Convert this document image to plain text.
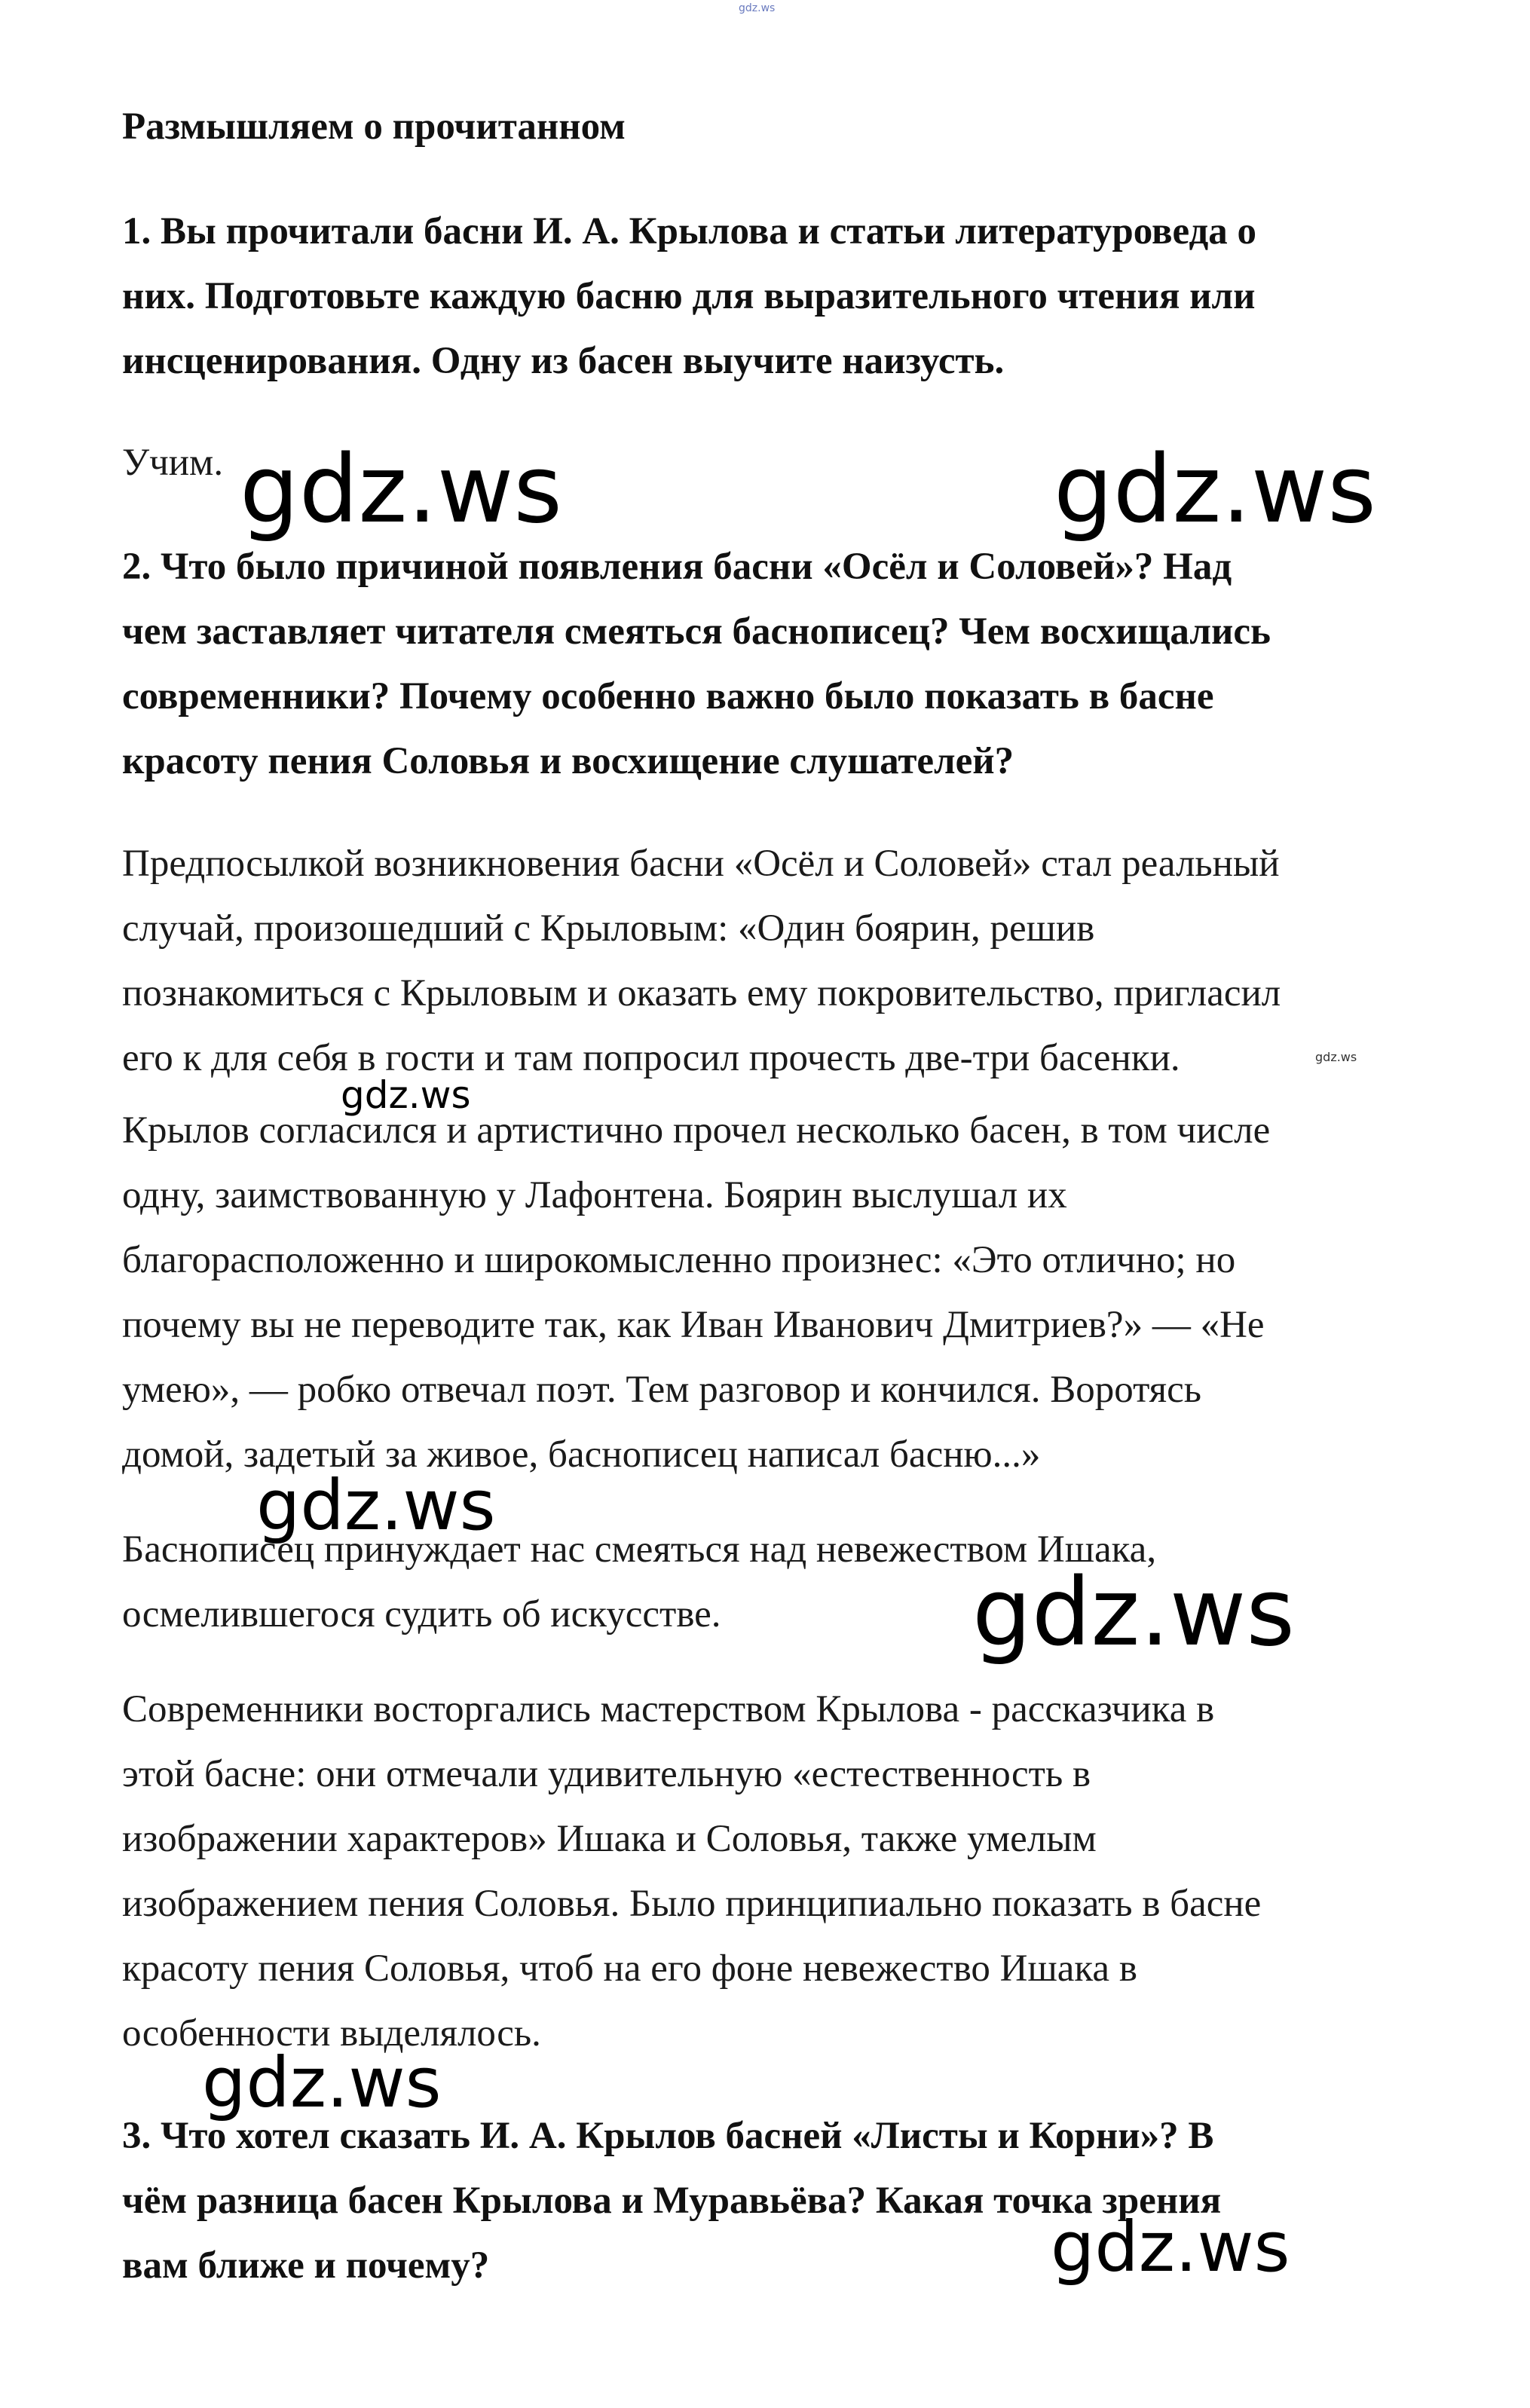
gdz.ws
Размышляем о прочитанном
1. Вы прочитали басни И. А. Крылова и статьи литературоведа о
них. Подготовьте каждую басню для выразительного чтения или
инсценирования. Одну из басен выучите наизусть.
Учим.
2. Что было причиной появления басни «Осёл и Соловей»? Над
чем заставляет читателя смеяться баснописец? Чем восхищались
современники? Почему особенно важно было показать в басне
красоту пения Соловья и восхищение слушателей?
Предпосылкой возникновения басни «Осёл и Соловей» стал реальный
случай, произошедший с Крыловым: «Один боярин, решив
познакомиться с Крыловым и оказать ему покровительство, пригласил
его к для себя в гости и там попросил прочесть две-три басенки.
Крылов согласился и артистично прочел несколько басен, в том числе
одну, заимствованную у Лафонтена. Боярин выслушал их
благорасположенно и широкомысленно произнес: «Это отлично; но
почему вы не переводите так, как Иван Иванович Дмитриев?» — «Не
умею», — робко отвечал поэт. Тем разговор и кончился. Воротясь
домой, задетый за живое, баснописец написал басню...»
Баснописец принуждает нас смеяться над невежеством Ишака,
осмелившегося судить об искусстве.
Современники восторгались мастерством Крылова - рассказчика в
этой басне: они отмечали удивительную «естественность в
изображении характеров» Ишака и Соловья, также умелым
изображением пения Соловья. Было принципиально показать в басне
красоту пения Соловья, чтоб на его фоне невежество Ишака в
особенности выделялось.
3. Что хотел сказать И. А. Крылов басней «Листы и Корни»? В
чём разница басен Крылова и Муравьёва? Какая точка зрения
вам ближе и почему?
gdz.ws	gdz.ws
gdz.ws
gdz.ws
gdz.ws
gdz.ws
gdz.ws
gdz.ws
